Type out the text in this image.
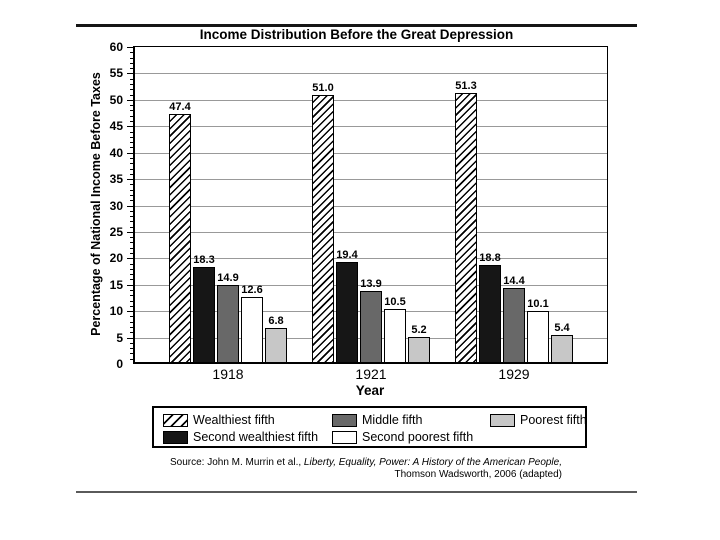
Income Distribution Before the Great Depression
Percentage of National Income Before Taxes
0
5
10
15
20
25
30
35
40
45
50
55
60
47.4
18.3
14.9
12.6
6.8
51.0
19.4
13.9
10.5
5.2
51.3
18.8
14.4
10.1
5.4
1918	1921	1929
Year
Wealthiest fifth
Second wealthiest fifth
Middle fifth
Second poorest fifth
Poorest fifth
Source: John M. Murrin et al., Liberty, Equality, Power: A History of the American People,
Thomson Wadsworth, 2006 (adapted)
